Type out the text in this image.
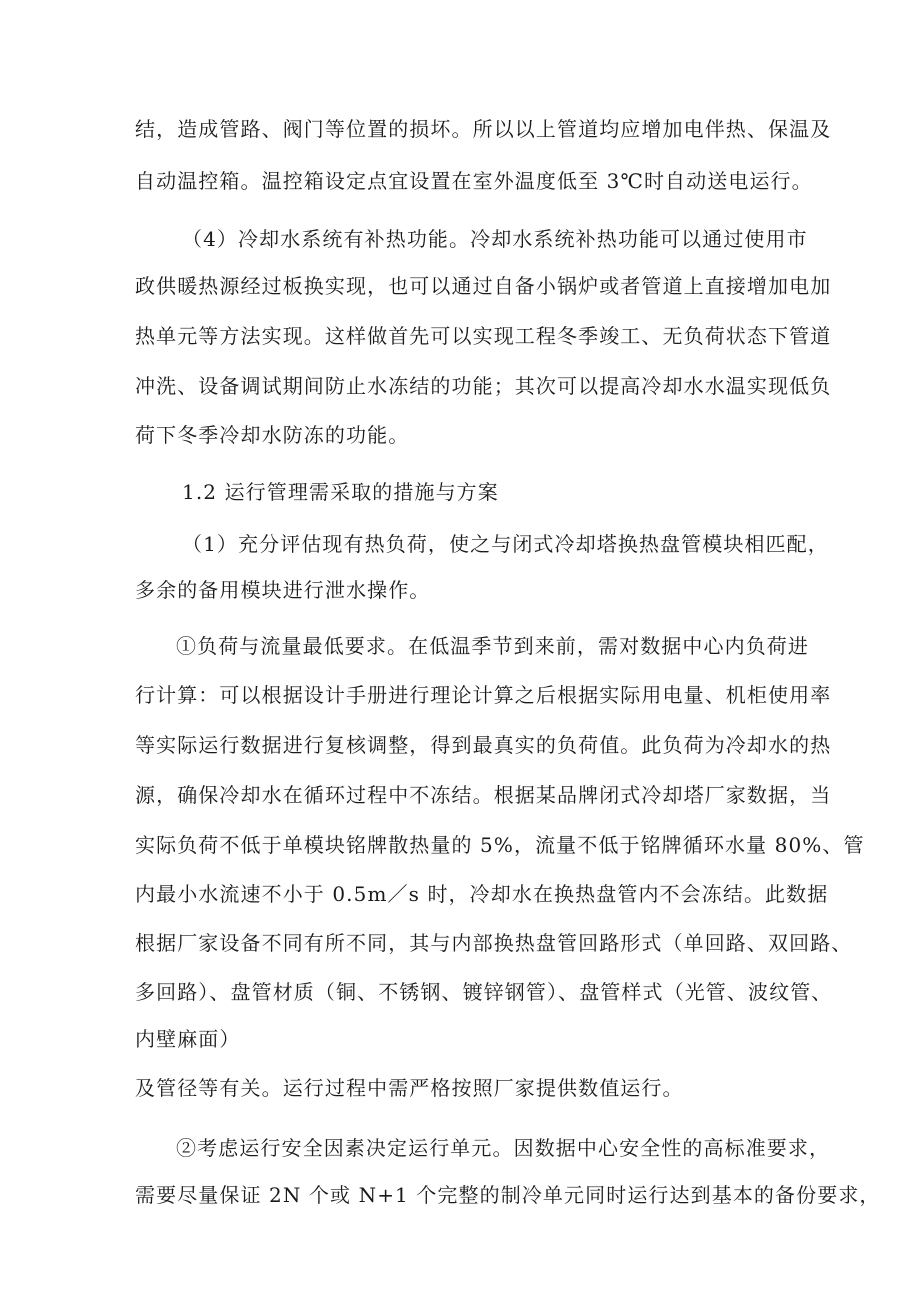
结，造成管路、阀门等位置的损坏。所以以上管道均应增加电伴热、保温及
自动温控箱。温控箱设定点宜设置在室外温度低至 3℃时自动送电运行。
（4）冷却水系统有补热功能。冷却水系统补热功能可以通过使用市
政供暖热源经过板换实现，也可以通过自备小锅炉或者管道上直接增加电加
热单元等方法实现。这样做首先可以实现工程冬季竣工、无负荷状态下管道
冲洗、设备调试期间防止水冻结的功能；其次可以提高冷却水水温实现低负
荷下冬季冷却水防冻的功能。
1.2 运行管理需采取的措施与方案
（1）充分评估现有热负荷，使之与闭式冷却塔换热盘管模块相匹配，
多余的备用模块进行泄水操作。
①负荷与流量最低要求。在低温季节到来前，需对数据中心内负荷进
行计算：可以根据设计手册进行理论计算之后根据实际用电量、机柜使用率
等实际运行数据进行复核调整，得到最真实的负荷值。此负荷为冷却水的热
源，确保冷却水在循环过程中不冻结。根据某品牌闭式冷却塔厂家数据，当
实际负荷不低于单模块铭牌散热量的 5%，流量不低于铭牌循环水量 80%、管
内最小水流速不小于 0.5m／s 时，冷却水在换热盘管内不会冻结。此数据
根据厂家设备不同有所不同，其与内部换热盘管回路形式（单回路、双回路、
多回路）、盘管材质（铜、不锈钢、镀锌钢管）、盘管样式（光管、波纹管、
内壁麻面）
及管径等有关。运行过程中需严格按照厂家提供数值运行。
②考虑运行安全因素决定运行单元。因数据中心安全性的高标准要求，
需要尽量保证 2N 个或 N+1 个完整的制冷单元同时运行达到基本的备份要求，
